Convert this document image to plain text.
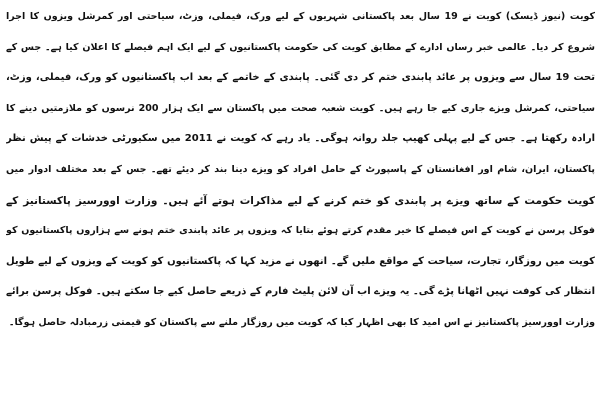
کویت (نیوز ڈیسک) کویت نے 19 سال بعد پاکستانی شہریوں کے لیے ورک، فیملی، وزٹ، سیاحتی اور کمرشل ویزوں کا اجرا
شروع کر دیا۔ عالمی خبر رساں ادارے کے مطابق کویت کی حکومت پاکستانیوں کے لیے ایک اہم فیصلے کا اعلان کیا ہے۔ جس کے
تحت 19 سال سے ویزوں پر عائد پابندی ختم کر دی گئی۔ پابندی کے خاتمے کے بعد اب پاکستانیوں کو ورک، فیملی، وزٹ،
سیاحتی، کمرشل ویزے جاری کیے جا رہے ہیں۔ کویت شعبہ صحت میں پاکستان سے ایک ہزار 200 نرسوں کو ملازمتیں دینے کا
ارادہ رکھتا ہے۔ جس کے لیے پہلی کھیپ جلد روانہ ہوگی۔ یاد رہے کہ کویت نے 2011 میں سکیورٹی خدشات کے پیش نظر
پاکستان، ایران، شام اور افغانستان کے پاسپورٹ کے حامل افراد کو ویزے دینا بند کر دیئے تھے۔ جس کے بعد مختلف ادوار میں
کویت حکومت کے ساتھ ویزے پر پابندی کو ختم کرنے کے لیے مذاکرات ہوتے آئے ہیں۔ وزارت اوورسیز پاکستانیز کے
فوکل پرسن نے کویت کے اس فیصلے کا خیر مقدم کرتے ہوئے بتایا کہ ویزوں پر عائد پابندی ختم ہونے سے ہزاروں پاکستانیوں کو
کویت میں روزگار، تجارت، سیاحت کے مواقع ملیں گے۔ انھوں نے مزید کہا کہ پاکستانیوں کو کویت کے ویزوں کے لیے طویل
انتظار کی کوفت نہیں اٹھانا پڑے گی۔ یہ ویزے اب آن لائن پلیٹ فارم کے ذریعے حاصل کیے جا سکتے ہیں۔ فوکل پرسن برائے
وزارت اوورسیز پاکستانیز نے اس امید کا بھی اظہار کیا کہ کویت میں روزگار ملنے سے پاکستان کو قیمتی زرمبادلہ حاصل ہوگا۔
